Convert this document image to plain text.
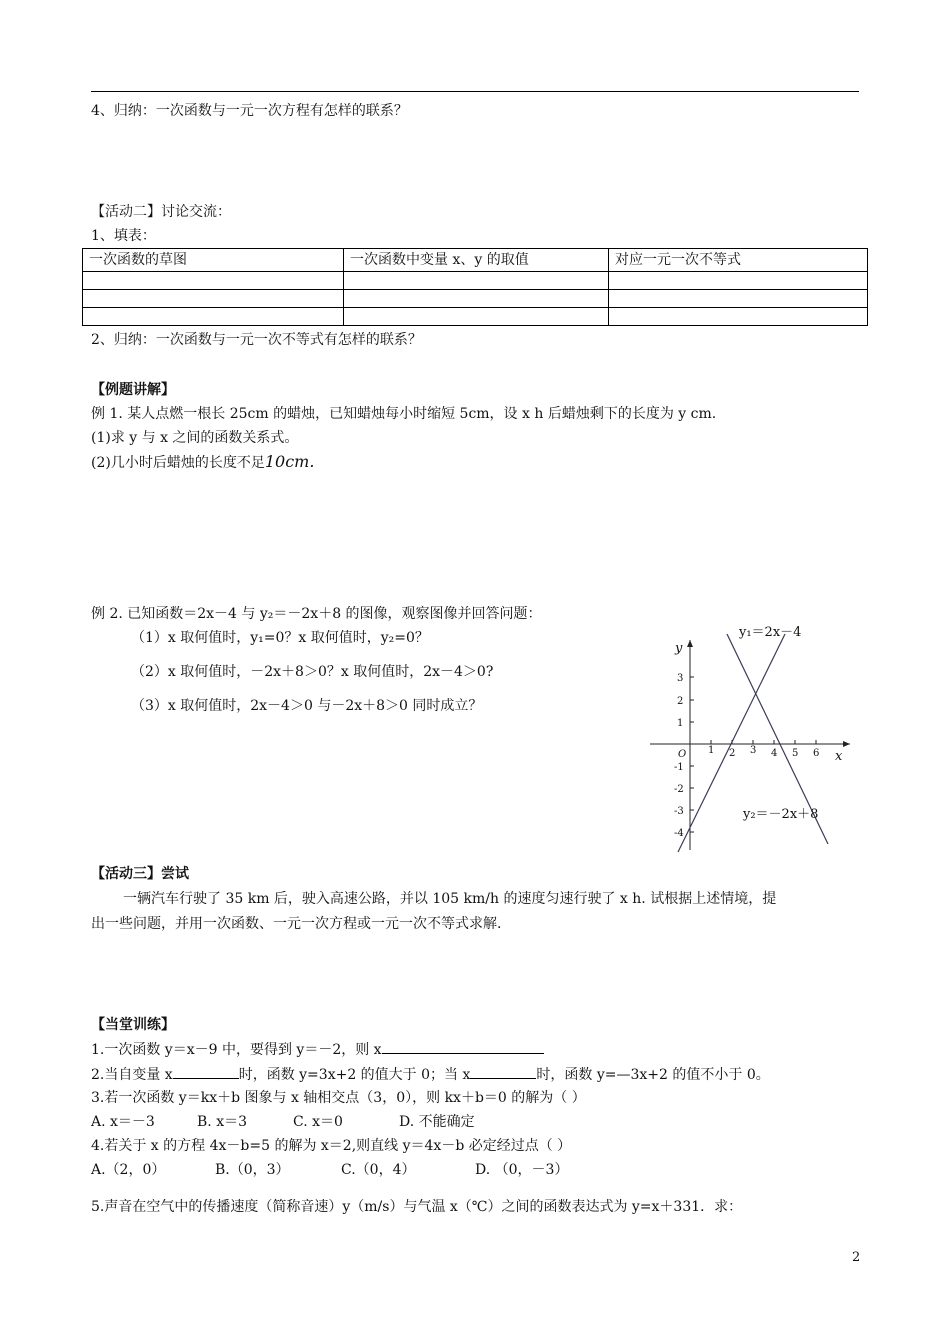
4、归纳：一次函数与一元一次方程有怎样的联系？
【活动二】讨论交流：
1、填表：
一次函数的草图	一次函数中变量 x、y 的取值	对应一元一次不等式

2、归纳：一次函数与一元一次不等式有怎样的联系？
【例题讲解】
例 1. 某人点燃一根长 25cm 的蜡烛，已知蜡烛每小时缩短 5cm，设 x h 后蜡烛剩下的长度为 y cm.
(1)求 y 与 x 之间的函数关系式。
(2)几小时后蜡烛的长度不足10cm.
例 2. 已知函数＝2x－4 与 y₂＝－2x＋8 的图像，观察图像并回答问题：
（1）x 取何值时，y₁=0？x 取何值时，y₂=0？
（2）x 取何值时，－2x＋8＞0？x 取何值时，2x－4＞0?
（3）x 取何值时，2x－4＞0 与－2x＋8＞0 同时成立？
y₁＝2x－4
y₂＝－2x＋8
x
y
O 1 2 3 4 5 6
3
2
1
-1
-2
-3
-4
【活动三】尝试
一辆汽车行驶了 35 km 后，驶入高速公路，并以 105 km/h 的速度匀速行驶了 x h. 试根据上述情境，提
出一些问题，并用一次函数、一元一次方程或一元一次不等式求解.
【当堂训练】
1.一次函数 y＝x－9 中，要得到 y＝－2，则 x
2.当自变量 x	时，函数 y=3x+2 的值大于 0；当 x	时，函数 y=—3x+2 的值不小于 0。
3.若一次函数 y＝kx＋b 图象与 x 轴相交点（3，0），则 kx＋b＝0 的解为（ ）
A. x＝－3	B. x＝3	C. x＝0	D. 不能确定
4.若关于 x 的方程 4x－b=5 的解为 x＝2,则直线 y＝4x－b 必定经过点（ ）
A.（2，0）	B.（0，3）	C.（0，4）	D. （0，－3）
5.声音在空气中的传播速度（简称音速）y（m/s）与气温 x（℃）之间的函数表达式为 y=x＋331．求：
2
